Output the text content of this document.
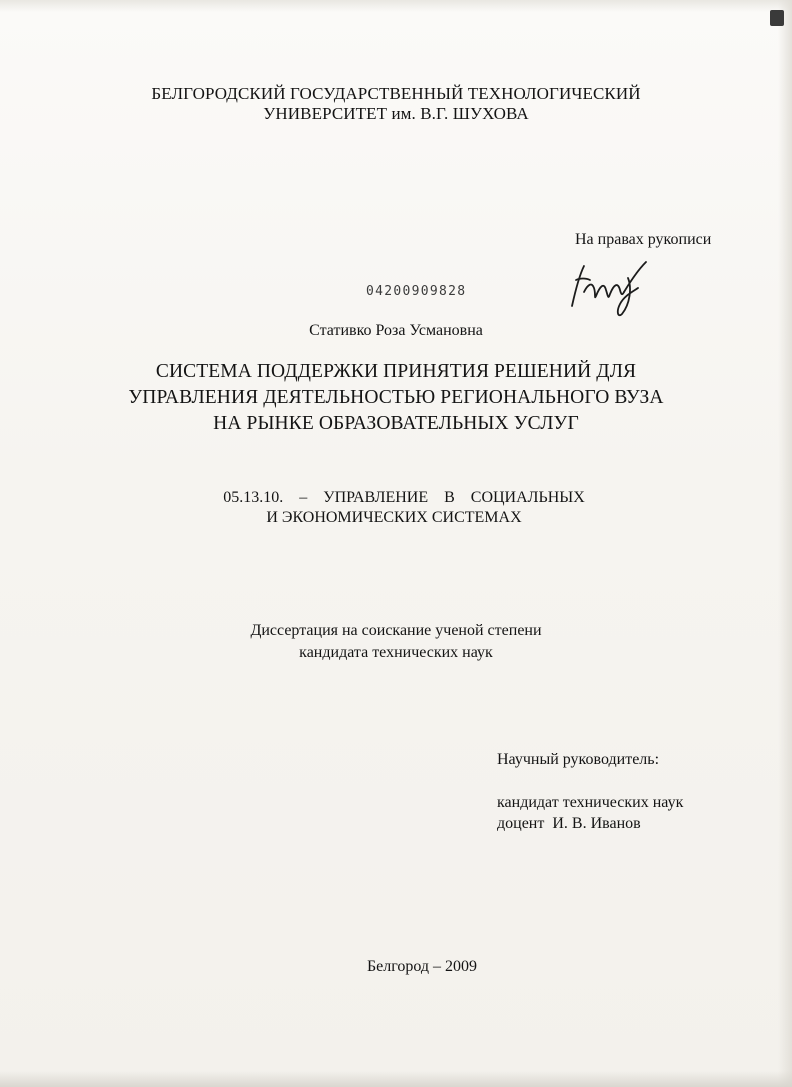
БЕЛГОРОДСКИЙ ГОСУДАРСТВЕННЫЙ ТЕХНОЛОГИЧЕСКИЙ
УНИВЕРСИТЕТ им. В.Г. ШУХОВА
На правах рукописи
04200909828
Стативко Роза Усмановна
СИСТЕМА ПОДДЕРЖКИ ПРИНЯТИЯ РЕШЕНИЙ ДЛЯ
УПРАВЛЕНИЯ ДЕЯТЕЛЬНОСТЬЮ РЕГИОНАЛЬНОГО ВУЗА
НА РЫНКЕ ОБРАЗОВАТЕЛЬНЫХ УСЛУГ
05.13.10. – УПРАВЛЕНИЕ В СОЦИАЛЬНЫХ
И ЭКОНОМИЧЕСКИХ СИСТЕМАХ
Диссертация на соискание ученой степени
кандидата технических наук
Научный руководитель:
кандидат технических наук
доцент  И. В. Иванов
Белгород – 2009
